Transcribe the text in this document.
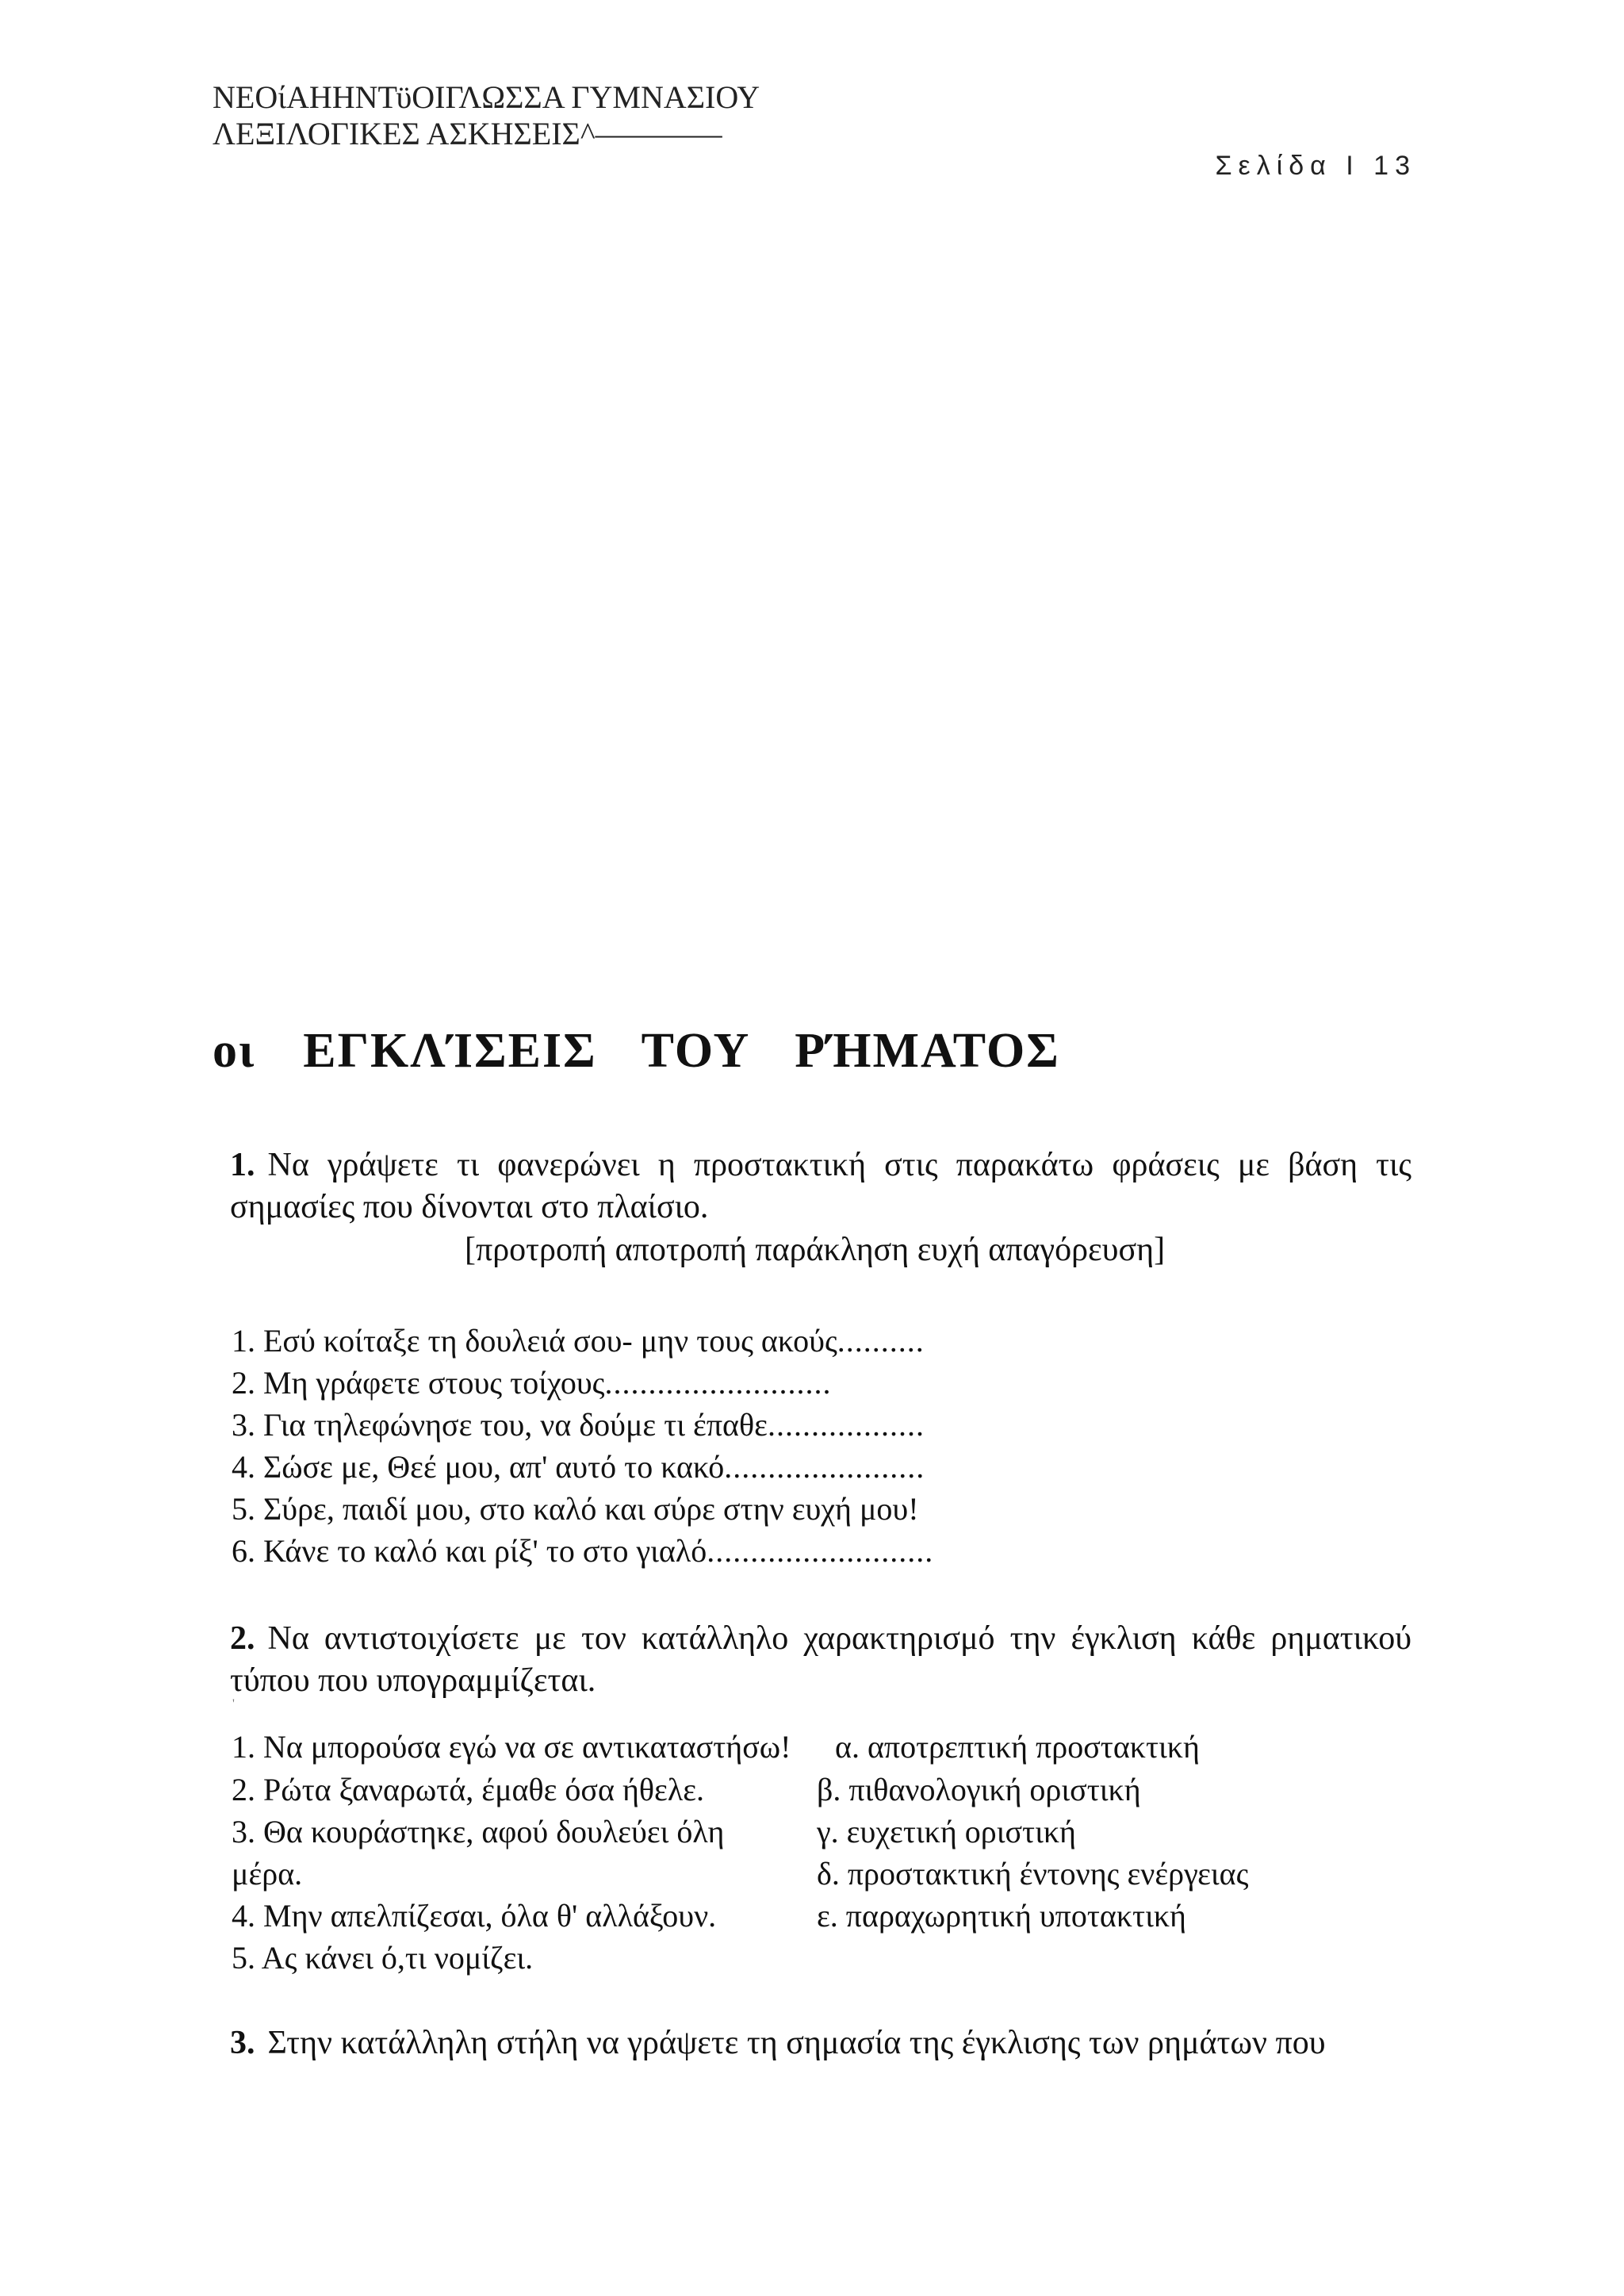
ΝΕΟίΑΗΗΝΤϋΟΙΓΛΩΣΣΑ ΓΥΜΝΑΣΙΟΥ
ΛΕΞΙΛΟΓΙΚΕΣ ΑΣΚΗΣΕΙΣ^————
Σελίδα I 13
οι ΕΓΚΛΊΣΕΙΣ ΤΟΥ ΡΉΜΑΤΟΣ
1. Να γράψετε τι φανερώνει η προστακτική στις παρακάτω φράσεις με βάση τις σημασίες που δίνονται στο πλαίσιο.
[προτροπή αποτροπή παράκληση ευχή απαγόρευση]
1. Εσύ κοίταξε τη δουλειά σου- μην τους ακούς..........
2. Μη γράφετε στους τοίχους..........................
3. Για τηλεφώνησε του, να δούμε τι έπαθε..................
4. Σώσε με, Θεέ μου, απ' αυτό το κακό.......................
5. Σύρε, παιδί μου, στο καλό και σύρε στην ευχή μου!
6. Κάνε το καλό και ρίξ' το στο γιαλό..........................
2. Να αντιστοιχίσετε με τον κατάλληλο χαρακτηρισμό την έγκλιση κάθε ρηματικού τύπου που υπογραμμίζεται.
'
1. Να μπορούσα εγώ να σε αντικαταστήσω!
2. Ρώτα ξαναρωτά, έμαθε όσα ήθελε.
3. Θα κουράστηκε, αφού δουλεύει όλη
μέρα.
4. Μην απελπίζεσαι, όλα θ' αλλάξουν.
5. Ας κάνει ό,τι νομίζει.
α. αποτρεπτική προστακτική
β. πιθανολογική οριστική
γ. ευχετική οριστική
δ. προστακτική έντονης ενέργειας
ε. παραχωρητική υποτακτική
3. Στην κατάλληλη στήλη να γράψετε τη σημασία της έγκλισης των ρημάτων που
